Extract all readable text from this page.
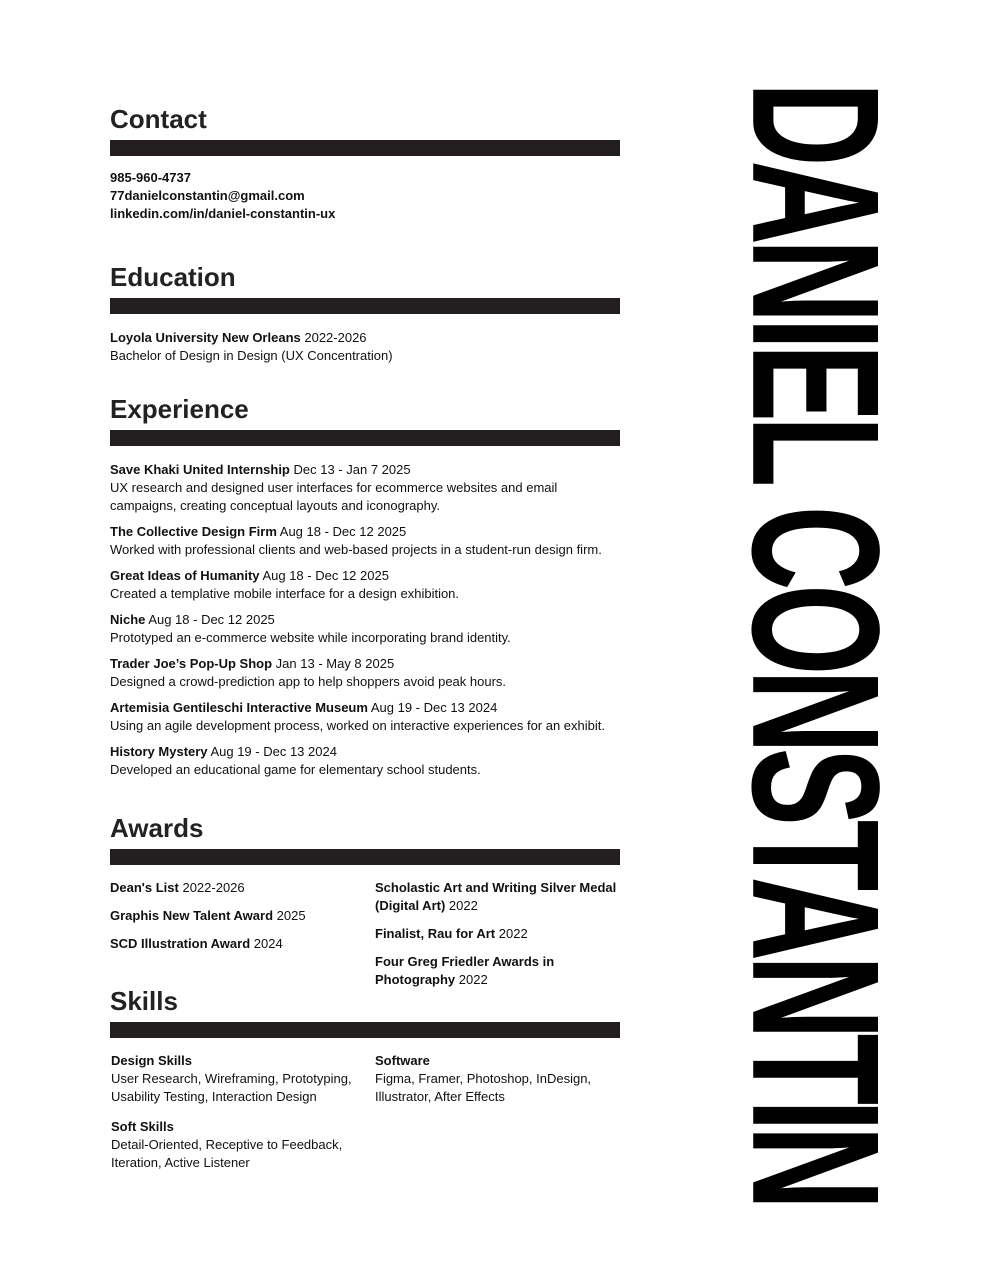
DANIEL CONSTANTIN
Contact
985-960-4737
77danielconstantin@gmail.com
linkedin.com/in/daniel-constantin-ux
Education
Loyola University New Orleans 2022-2026
Bachelor of Design in Design (UX Concentration)
Experience
Save Khaki United Internship Dec 13 - Jan 7 2025
UX research and designed user interfaces for ecommerce websites and email campaigns, creating conceptual layouts and iconography.
The Collective Design Firm Aug 18 - Dec 12 2025
Worked with professional clients and web-based projects in a student-run design firm.
Great Ideas of Humanity Aug 18 - Dec 12 2025
Created a templative mobile interface for a design exhibition.
Niche Aug 18 - Dec 12 2025
Prototyped an e-commerce website while incorporating brand identity.
Trader Joe’s Pop-Up Shop Jan 13 - May 8 2025
Designed a crowd-prediction app to help shoppers avoid peak hours.
Artemisia Gentileschi Interactive Museum Aug 19 - Dec 13 2024
Using an agile development process, worked on interactive experiences for an exhibit.
History Mystery Aug 19 - Dec 13 2024
Developed an educational game for elementary school students.
Awards
Dean's List 2022-2026
Graphis New Talent Award 2025
SCD Illustration Award 2024
Scholastic Art and Writing Silver Medal (Digital Art) 2022
Finalist, Rau for Art 2022
Four Greg Friedler Awards in Photography 2022
Skills
Design Skills
User Research, Wireframing, Prototyping, Usability Testing, Interaction Design
Soft Skills
Detail-Oriented, Receptive to Feedback, Iteration, Active Listener
Software
Figma, Framer, Photoshop, InDesign, Illustrator, After Effects
